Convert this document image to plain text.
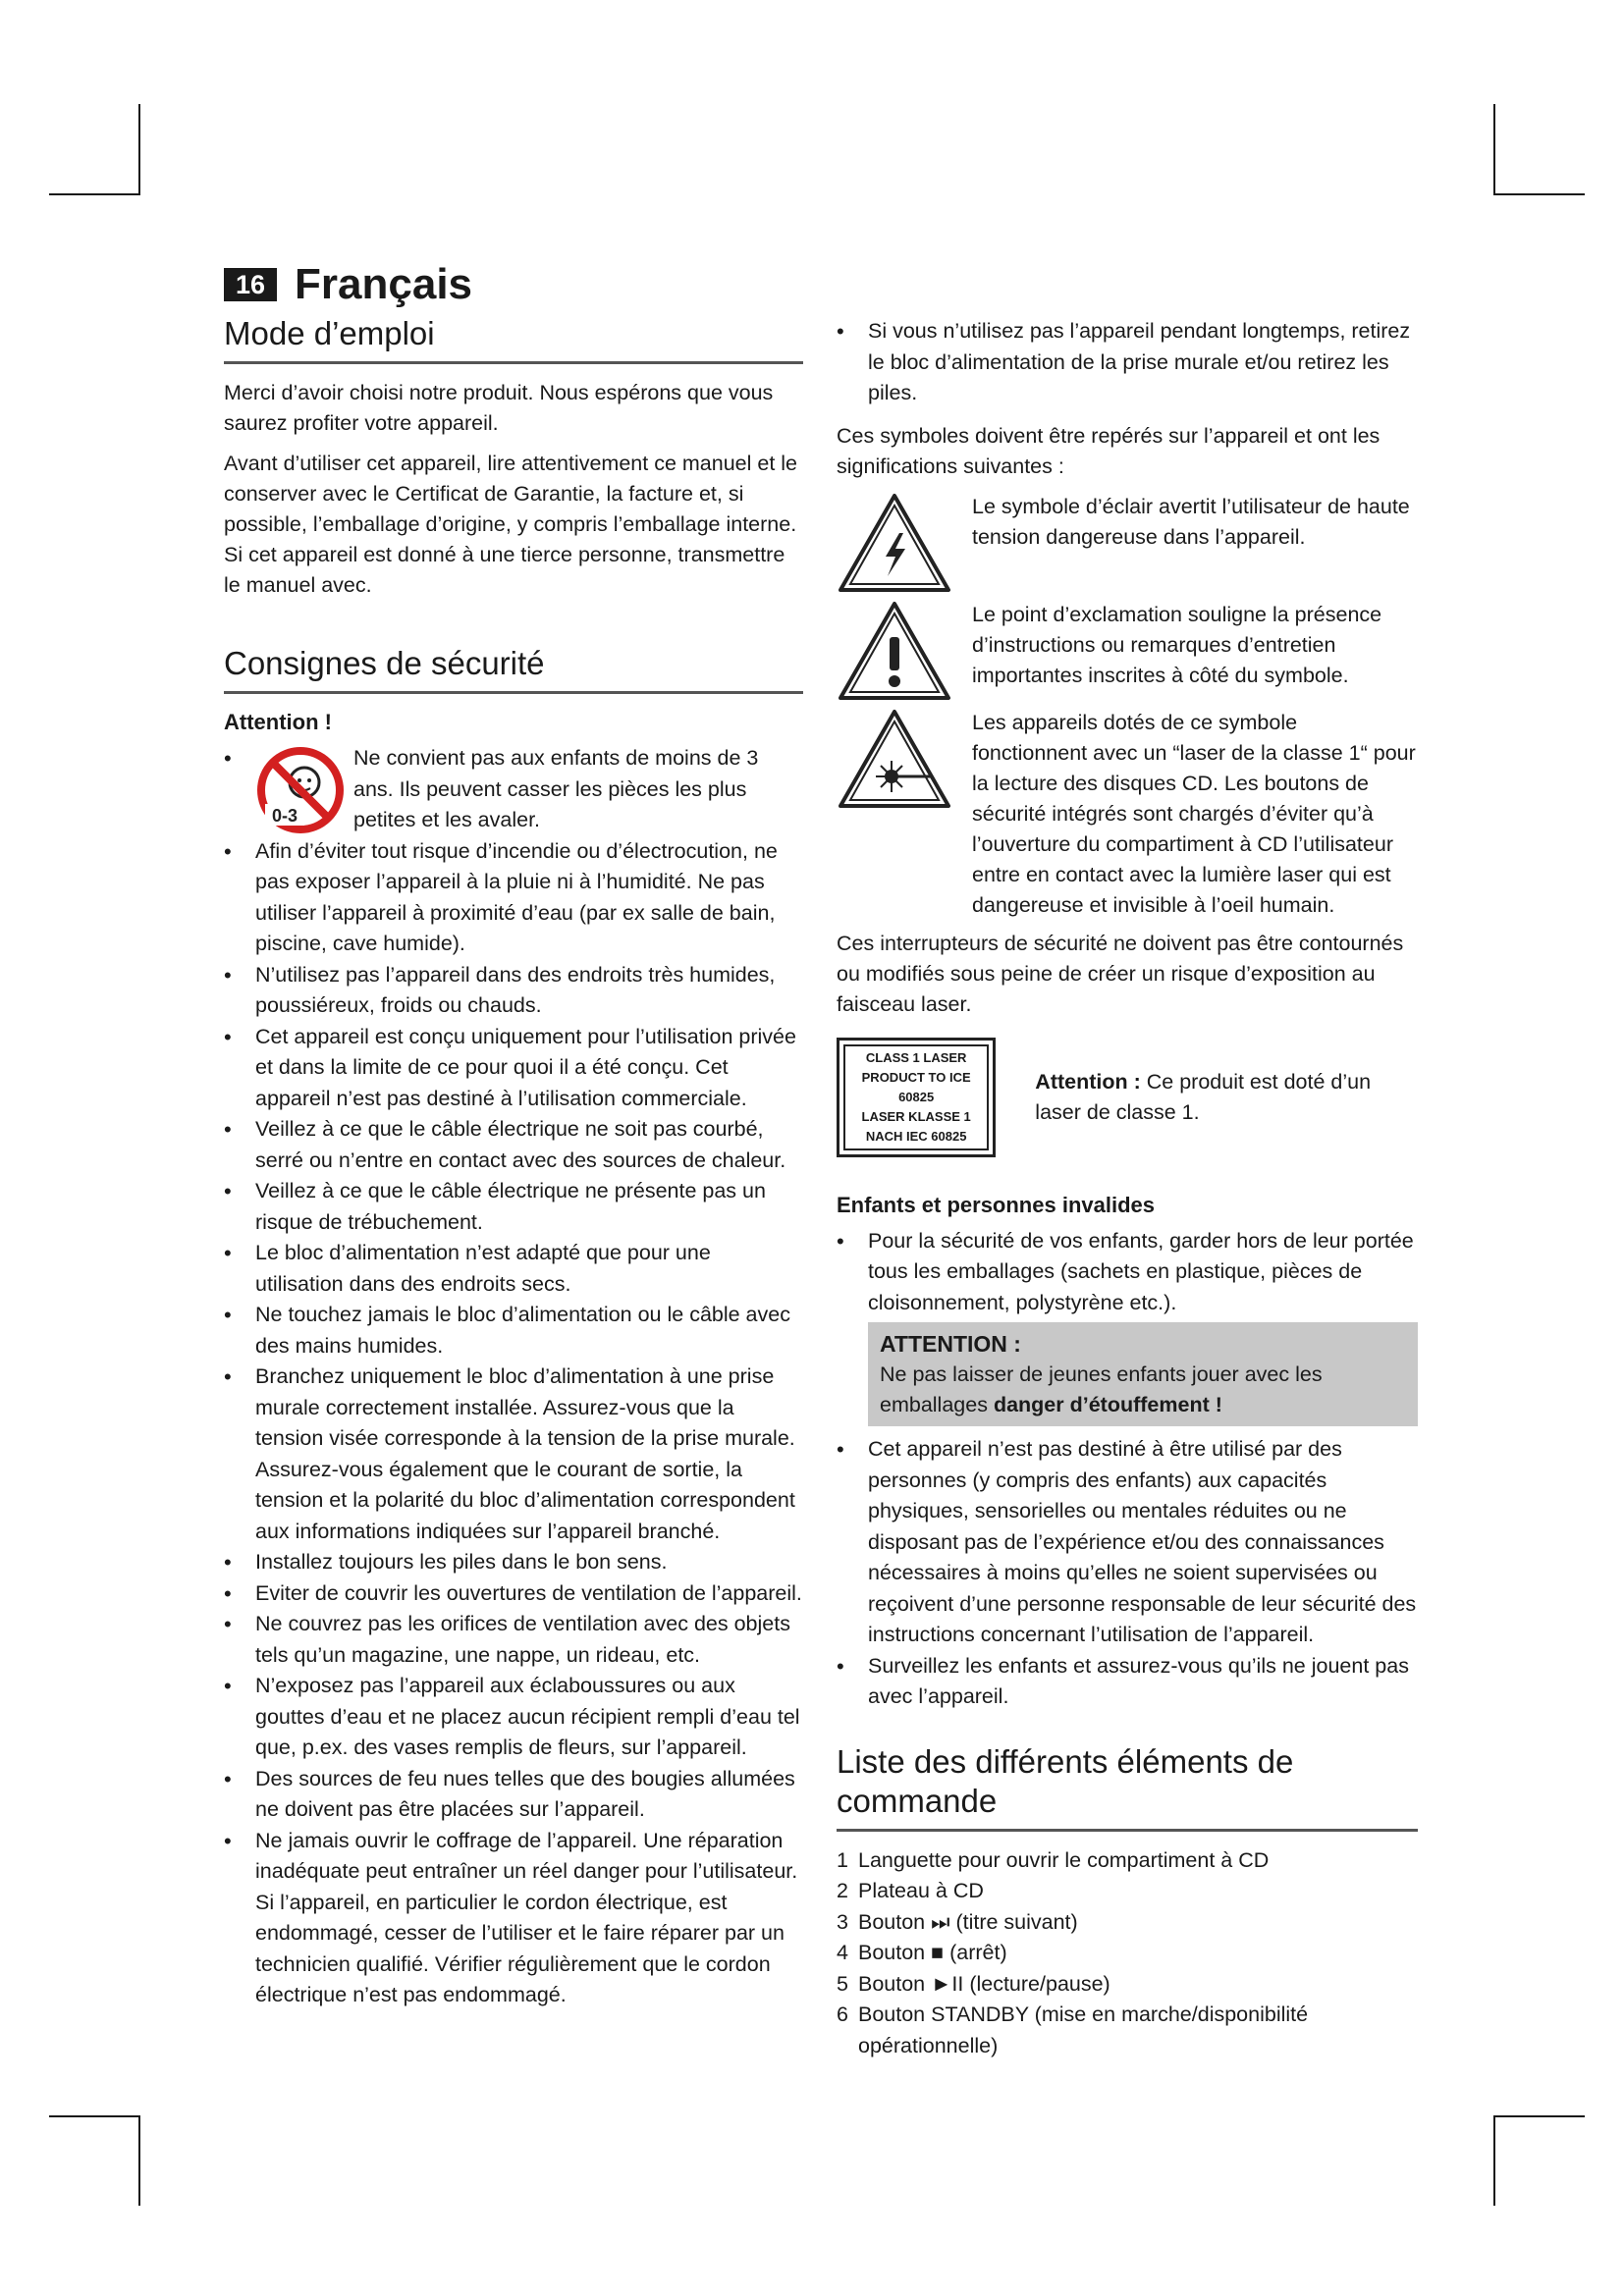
16 Français
Mode d’emploi

Merci d’avoir choisi notre produit. Nous espérons que vous saurez profiter votre appareil.

Avant d’utiliser cet appareil, lire attentivement ce manuel et le conserver avec le Certificat de Garantie, la facture et, si possible, l’emballage d’origine, y compris l’emballage interne. Si cet appareil est donné à une tierce personne, transmettre le manuel avec.

Consignes de sécurité
Attention !
•
0-3
Ne convient pas aux enfants de moins de 3 ans. Ils peuvent casser les pièces les plus petites et les avaler.
• Afin d’éviter tout risque d’incendie ou d’électrocution, ne pas exposer l’appareil à la pluie ni à l’humidité. Ne pas utiliser l’appareil à proximité d’eau (par ex salle de bain, piscine, cave humide).
• N’utilisez pas l’appareil dans des endroits très humides, poussiéreux, froids ou chauds.
• Cet appareil est conçu uniquement pour l’utilisation privée et dans la limite de ce pour quoi il a été conçu. Cet appareil n’est pas destiné à l’utilisation commerciale.
• Veillez à ce que le câble électrique ne soit pas courbé, serré ou n’entre en contact avec des sources de chaleur.
• Veillez à ce que le câble électrique ne présente pas un risque de trébuchement.
• Le bloc d’alimentation n’est adapté que pour une utilisation dans des endroits secs.
• Ne touchez jamais le bloc d’alimentation ou le câble avec des mains humides.
• Branchez uniquement le bloc d’alimentation à une prise murale correctement installée. Assurez-vous que la tension visée corresponde à la tension de la prise murale. Assurez-vous également que le courant de sortie, la tension et la polarité du bloc d’alimentation correspondent aux informations indiquées sur l’appareil branché.
• Installez toujours les piles dans le bon sens.
• Eviter de couvrir les ouvertures de ventilation de l’appareil.
• Ne couvrez pas les orifices de ventilation avec des objets tels qu’un magazine, une nappe, un rideau, etc.
• N’exposez pas l’appareil aux éclaboussures ou aux gouttes d’eau et ne placez aucun récipient rempli d’eau tel que, p.ex. des vases remplis de fleurs, sur l’appareil.
• Des sources de feu nues telles que des bougies allumées ne doivent pas être placées sur l’appareil.
• Ne jamais ouvrir le coffrage de l’appareil. Une réparation inadéquate peut entraîner un réel danger pour l’utilisateur. Si l’appareil, en particulier le cordon électrique, est endommagé, cesser de l’utiliser et le faire réparer par un technicien qualifié. Vérifier régulièrement que le cordon électrique n’est pas endommagé.
• Si vous n’utilisez pas l’appareil pendant longtemps, retirez le bloc d’alimentation de la prise murale et/ou retirez les piles.

Ces symboles doivent être repérés sur l’appareil et ont les significations suivantes :

Le symbole d’éclair avertit l’utilisateur de haute tension dangereuse dans l’appareil.

Le point d’exclamation souligne la présence d’instructions ou remarques d’entretien importantes inscrites à côté du symbole.

Les appareils dotés de ce symbole fonctionnent avec un “laser de la classe 1“ pour la lecture des disques CD. Les boutons de sécurité intégrés sont chargés d’éviter qu’à l’ouverture du compartiment à CD l’utilisateur entre en contact avec la lumière laser qui est dangereuse et invisible à l’oeil humain.

Ces interrupteurs de sécurité ne doivent pas être contournés ou modifiés sous peine de créer un risque d’exposition au faisceau laser.

CLASS 1 LASER
PRODUCT TO ICE 60825
LASER KLASSE 1
NACH IEC 60825

Attention : Ce produit est doté d’un laser de classe 1.

Enfants et personnes invalides
• Pour la sécurité de vos enfants, garder hors de leur portée tous les emballages (sachets en plastique, pièces de cloisonnement, polystyrène etc.).
ATTENTION :
Ne pas laisser de jeunes enfants jouer avec les emballages danger d’étouffement !
• Cet appareil n’est pas destiné à être utilisé par des personnes (y compris des enfants) aux capacités physiques, sensorielles ou mentales réduites ou ne disposant pas de l’expérience et/ou des connaissances nécessaires à moins qu’elles ne soient supervisées ou reçoivent d’une personne responsable de leur sécurité des instructions concernant l’utilisation de l’appareil.
• Surveillez les enfants et assurez-vous qu’ils ne jouent pas avec l’appareil.
Liste des différents éléments de commande
1 Languette pour ouvrir le compartiment à CD
2 Plateau à CD
3 Bouton ⏭ (titre suivant)
4 Bouton ■ (arrêt)
5 Bouton ►II (lecture/pause)
6 Bouton STANDBY (mise en marche/disponibilité opérationnelle)
